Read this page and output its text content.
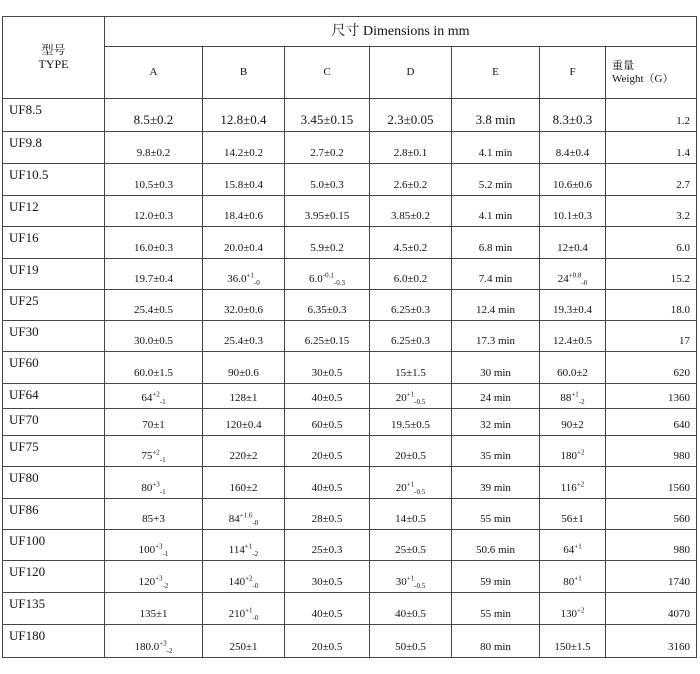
型号
TYPE	尺寸 Dimensions in mm						
	A	B	C	D	E	F	重量
Weight（G）

UF8.5	8.5±0.2	12.8±0.4	3.45±0.15	2.3±0.05	3.8 min	8.3±0.3	1.2
UF9.8	9.8±0.2	14.2±0.2	2.7±0.2	2.8±0.1	4.1 min	8.4±0.4	1.4
UF10.5	10.5±0.3	15.8±0.4	5.0±0.3	2.6±0.2	5.2 min	10.6±0.6	2.7
UF12	12.0±0.3	18.4±0.6	3.95±0.15	3.85±0.2	4.1 min	10.1±0.3	3.2
UF16	16.0±0.3	20.0±0.4	5.9±0.2	4.5±0.2	6.8 min	12±0.4	6.0
UF19	19.7±0.4	$36.0^{+1}_{-0}$	$6.0^{-0.1}_{-0.3}$	6.0±0.2	7.4 min	$24^{+0.8}_{-0}$	15.2
UF25	25.4±0.5	32.0±0.6	6.35±0.3	6.25±0.3	12.4 min	19.3±0.4	18.0
UF30	30.0±0.5	25.4±0.3	6.25±0.15	6.25±0.3	17.3 min	12.4±0.5	17
UF60	60.0±1.5	90±0.6	30±0.5	15±1.5	30 min	60.0±2	620
UF64	$64^{+2}_{-1}$	128±1	40±0.5	$20^{+1}_{-0.5}$	24 min	$88^{+1}_{-2}$	1360
UF70	70±1	120±0.4	60±0.5	19.5±0.5	32 min	90±2	640
UF75	$75^{+2}_{-1}$	220±2	20±0.5	20±0.5	35 min	$180^{+2}$	980
UF80	$80^{+3}_{-1}$	160±2	40±0.5	$20^{+1}_{-0.5}$	39 min	$116^{+2}$	1560
UF86	85+3	$84^{+1.6}_{-0}$	28±0.5	14±0.5	55 min	56±1	560
UF100	$100^{+3}_{-1}$	$114^{+1}_{-2}$	25±0.3	25±0.5	50.6 min	$64^{+1}$	980
UF120	$120^{+3}_{-2}$	$140^{+2}_{-0}$	30±0.5	$30^{+1}_{-0.5}$	59 min	$80^{+1}$	1740
UF135	135±1	$210^{+1}_{-0}$	40±0.5	40±0.5	55 min	$130^{+2}$	4070
UF180	$180.0^{+3}_{-2}$	250±1	20±0.5	50±0.5	80 min	150±1.5	3160
